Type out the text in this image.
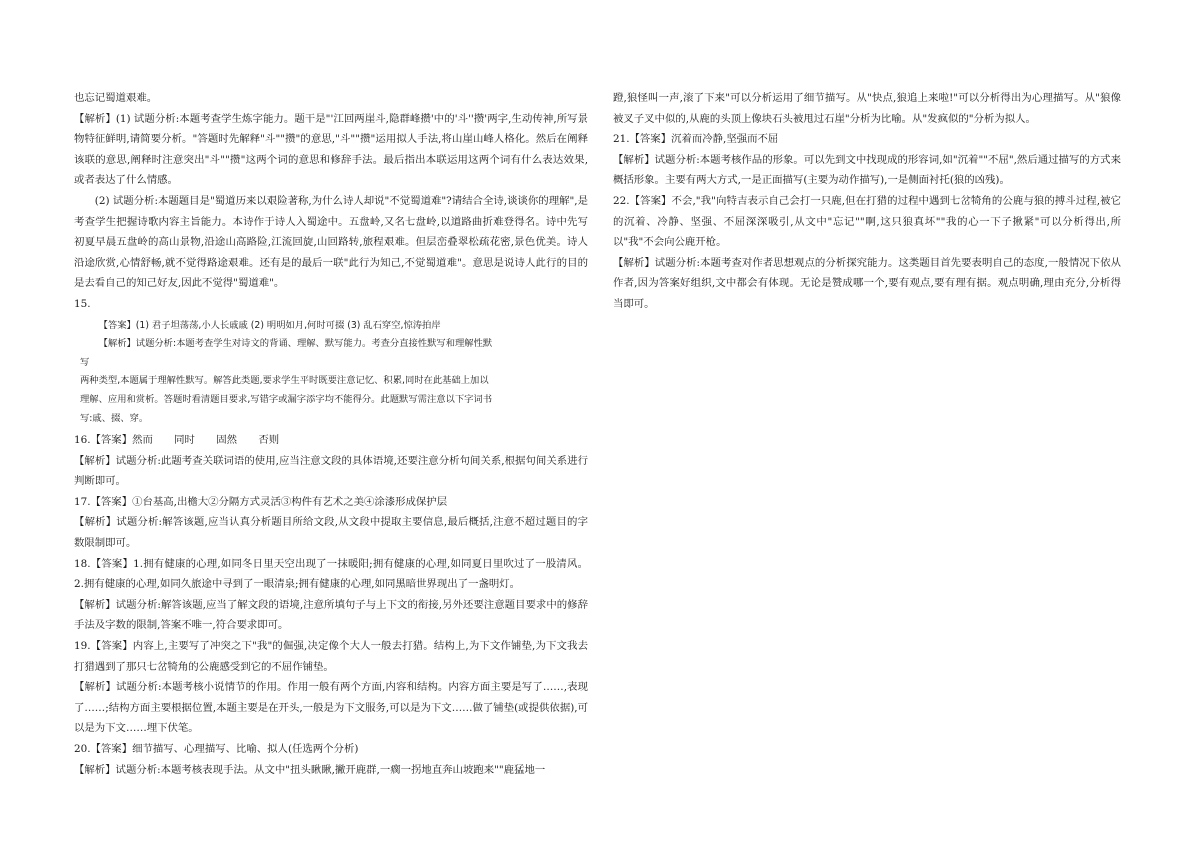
也忘记蜀道艰难。

【解析】(1) 试题分析:本题考查学生炼字能力。题干是"'江回两崖斗,隐群峰攒'中的'斗''攒'两字,生动传神,所写景物特征鲜明,请简要分析。"答题时先解释"斗""攒"的意思,"斗""攒"运用拟人手法,将山崖山峰人格化。然后在阐释该联的意思,阐释时注意突出"斗""攒"这两个词的意思和修辞手法。最后指出本联运用这两个词有什么表达效果,或者表达了什么情感。

(2) 试题分析:本题题目是"蜀道历来以艰险著称,为什么诗人却说"不觉蜀道难"?请结合全诗,谈谈你的理解",是考查学生把握诗歌内容主旨能力。本诗作于诗人入蜀途中。五盘岭,又名七盘岭,以道路曲折难登得名。诗中先写初夏早晨五盘岭的高山景物,沿途山高路险,江流回旋,山回路转,旅程艰难。但层峦叠翠松疏花密,景色优美。诗人沿途欣赏,心情舒畅,就不觉得路途艰难。还有是的最后一联"此行为知己,不觉蜀道难"。意思是说诗人此行的目的是去看自己的知己好友,因此不觉得"蜀道难"。

15.

【答案】(1) 君子坦荡荡,小人长戚戚 (2) 明明如月,何时可掇 (3) 乱石穿空,惊涛拍岸

【解析】试题分析:本题考查学生对诗文的背诵、理解、默写能力。考查分直接性默写和理解性默写

两种类型,本题属于理解性默写。解答此类题,要求学生平时既要注意记忆、积累,同时在此基础上加以

理解、应用和赏析。答题时看清题目要求,写错字或漏字添字均不能得分。此题默写需注意以下字词书

写:戚、掇、穿。

16.【答案】然而 同时 固然 否则

【解析】试题分析:此题考查关联词语的使用,应当注意文段的具体语境,还要注意分析句间关系,根据句间关系进行判断即可。

17.【答案】①台基高,出檐大②分隔方式灵活③构件有艺术之美④涂漆形成保护层

【解析】试题分析:解答该题,应当认真分析题目所给文段,从文段中提取主要信息,最后概括,注意不超过题目的字数限制即可。

18.【答案】1.拥有健康的心理,如同冬日里天空出现了一抹暖阳;拥有健康的心理,如同夏日里吹过了一股清风。2.拥有健康的心理,如同久旅途中寻到了一眼清泉;拥有健康的心理,如同黑暗世界现出了一盏明灯。

【解析】试题分析:解答该题,应当了解文段的语境,注意所填句子与上下文的衔接,另外还要注意题目要求中的修辞手法及字数的限制,答案不唯一,符合要求即可。

19.【答案】内容上,主要写了冲突之下"我"的倔强,决定像个大人一般去打猎。结构上,为下文作铺垫,为下文我去打猎遇到了那只七岔犄角的公鹿感受到它的不屈作铺垫。

【解析】试题分析:本题考核小说情节的作用。作用一般有两个方面,内容和结构。内容方面主要是写了……,表现了……;结构方面主要根据位置,本题主要是在开头,一般是为下文服务,可以是为下文……做了铺垫(或提供依据),可以是为下文……埋下伏笔。

20.【答案】细节描写、心理描写、比喻、拟人(任选两个分析)

【解析】试题分析:本题考核表现手法。从文中"扭头瞅瞅,撇开鹿群,一瘸一拐地直奔山坡跑来""鹿猛地一

蹬,狼怪叫一声,滚了下来"可以分析运用了细节描写。从"快点,狼追上来啦!"可以分析得出为心理描写。从"狼像被叉子叉中似的,从鹿的头顶上像块石头被甩过石崖"分析为比喻。从"发疯似的"分析为拟人。

21.【答案】沉着而冷静,坚强而不屈

【解析】试题分析:本题考核作品的形象。可以先到文中找现成的形容词,如"沉着""不屈",然后通过描写的方式来概括形象。主要有两大方式,一是正面描写(主要为动作描写),一是侧面衬托(狼的凶残)。

22.【答案】不会,"我"向特吉表示自己会打一只鹿,但在打猎的过程中遇到七岔犄角的公鹿与狼的搏斗过程,被它的沉着、冷静、坚强、不屈深深吸引,从文中"忘记""啊,这只狼真坏""我的心一下子揪紧"可以分析得出,所以"我"不会向公鹿开枪。

【解析】试题分析:本题考查对作者思想观点的分析探究能力。这类题目首先要表明自己的态度,一般情况下依从作者,因为答案好组织,文中都会有体现。无论是赞成哪一个,要有观点,要有理有据。观点明确,理由充分,分析得当即可。
